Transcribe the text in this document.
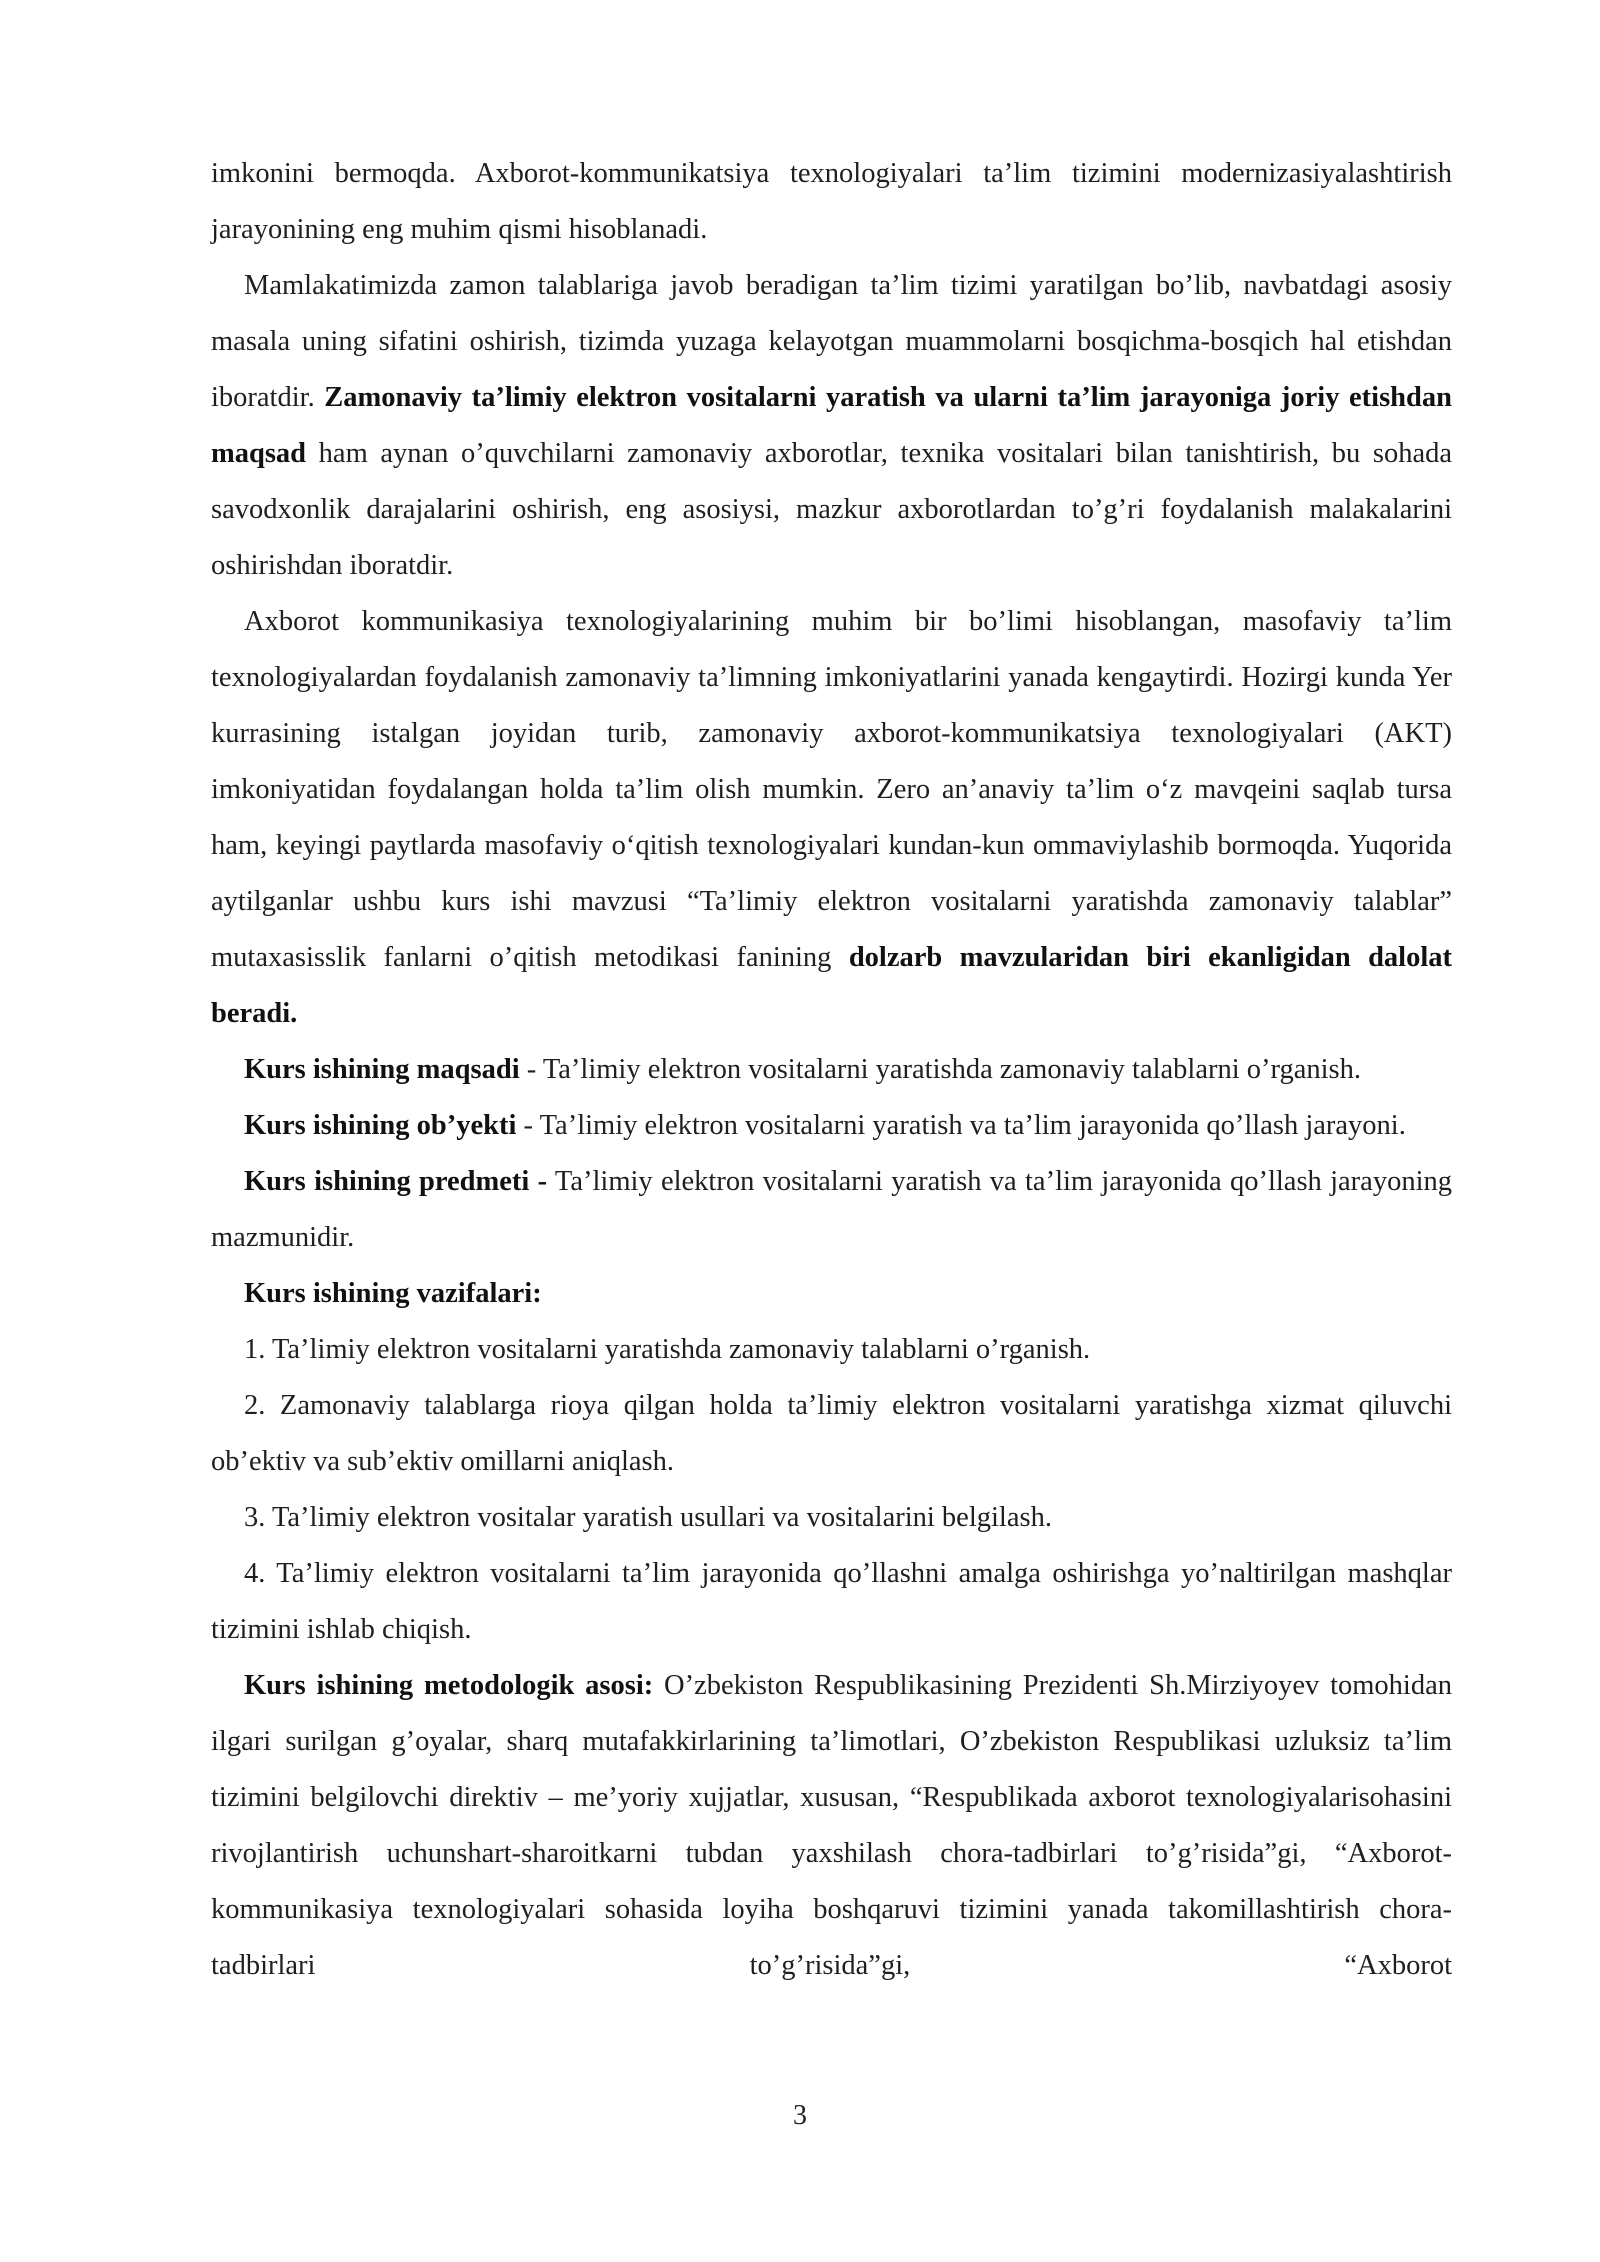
imkonini bermoqda. Axborot-kommunikatsiya texnologiyalari ta’lim tizimini modernizasiyalashtirish jarayonining eng muhim qismi hisoblanadi.

Mamlakatimizda zamon talablariga javob beradigan ta’lim tizimi yaratilgan bo’lib, navbatdagi asosiy masala uning sifatini oshirish, tizimda yuzaga kelayotgan muammolarni bosqichma-bosqich hal etishdan iboratdir. Zamonaviy ta’limiy elektron vositalarni yaratish va ularni ta’lim jarayoniga joriy etishdan maqsad ham aynan o’quvchilarni zamonaviy axborotlar, texnika vositalari bilan tanishtirish, bu sohada savodxonlik darajalarini oshirish, eng asosiysi, mazkur axborotlardan to’g’ri foydalanish malakalarini oshirishdan iboratdir.

Axborot kommunikasiya texnologiyalarining muhim bir bo’limi hisoblangan, masofaviy ta’lim texnologiyalardan foydalanish zamonaviy ta’limning imkoniyatlarini yanada kengaytirdi. Hozirgi kunda Yer kurrasining istalgan joyidan turib, zamonaviy axborot-kommunikatsiya texnologiyalari (AKT) imkoniyatidan foydalangan holda ta’lim olish mumkin. Zero an’anaviy ta’lim o‘z mavqeini saqlab tursa ham, keyingi paytlarda masofaviy o‘qitish texnologiyalari kundan-kun ommaviylashib bormoqda. Yuqorida aytilganlar ushbu kurs ishi mavzusi “Ta’limiy elektron vositalarni yaratishda zamonaviy talablar” mutaxasisslik fanlarni o’qitish metodikasi fanining dolzarb mavzularidan biri ekanligidan dalolat beradi.

Kurs ishining maqsadi - Ta’limiy elektron vositalarni yaratishda zamonaviy talablarni o’rganish.

Kurs ishining ob’yekti - Ta’limiy elektron vositalarni yaratish va ta’lim jarayonida qo’llash jarayoni.

Kurs ishining predmeti - Ta’limiy elektron vositalarni yaratish va ta’lim jarayonida qo’llash jarayoning mazmunidir.

Kurs ishining vazifalari:

1. Ta’limiy elektron vositalarni yaratishda zamonaviy talablarni o’rganish.

2. Zamonaviy talablarga rioya qilgan holda ta’limiy elektron vositalarni yaratishga xizmat qiluvchi ob’ektiv va sub’ektiv omillarni aniqlash.

3. Ta’limiy elektron vositalar yaratish usullari va vositalarini belgilash.

4. Ta’limiy elektron vositalarni ta’lim jarayonida qo’llashni amalga oshirishga yo’naltirilgan mashqlar tizimini ishlab chiqish.

Kurs ishining metodologik asosi: O’zbekiston Respublikasining Prezidenti Sh.Mirziyoyev tomohidan ilgari surilgan g’oyalar, sharq mutafakkirlarining ta’limotlari, O’zbekiston Respublikasi uzluksiz ta’lim tizimini belgilovchi direktiv – me’yoriy xujjatlar, xususan, “Respublikada axborot texnologiyalarisohasini rivojlantirish uchunshart-sharoitkarni tubdan yaxshilash chora-tadbirlari to’g’risida”gi, “Axborot-kommunikasiya texnologiyalari sohasida loyiha boshqaruvi tizimini yanada takomillashtirish chora-tadbirlari to’g’risida”gi, “Axborot

3
